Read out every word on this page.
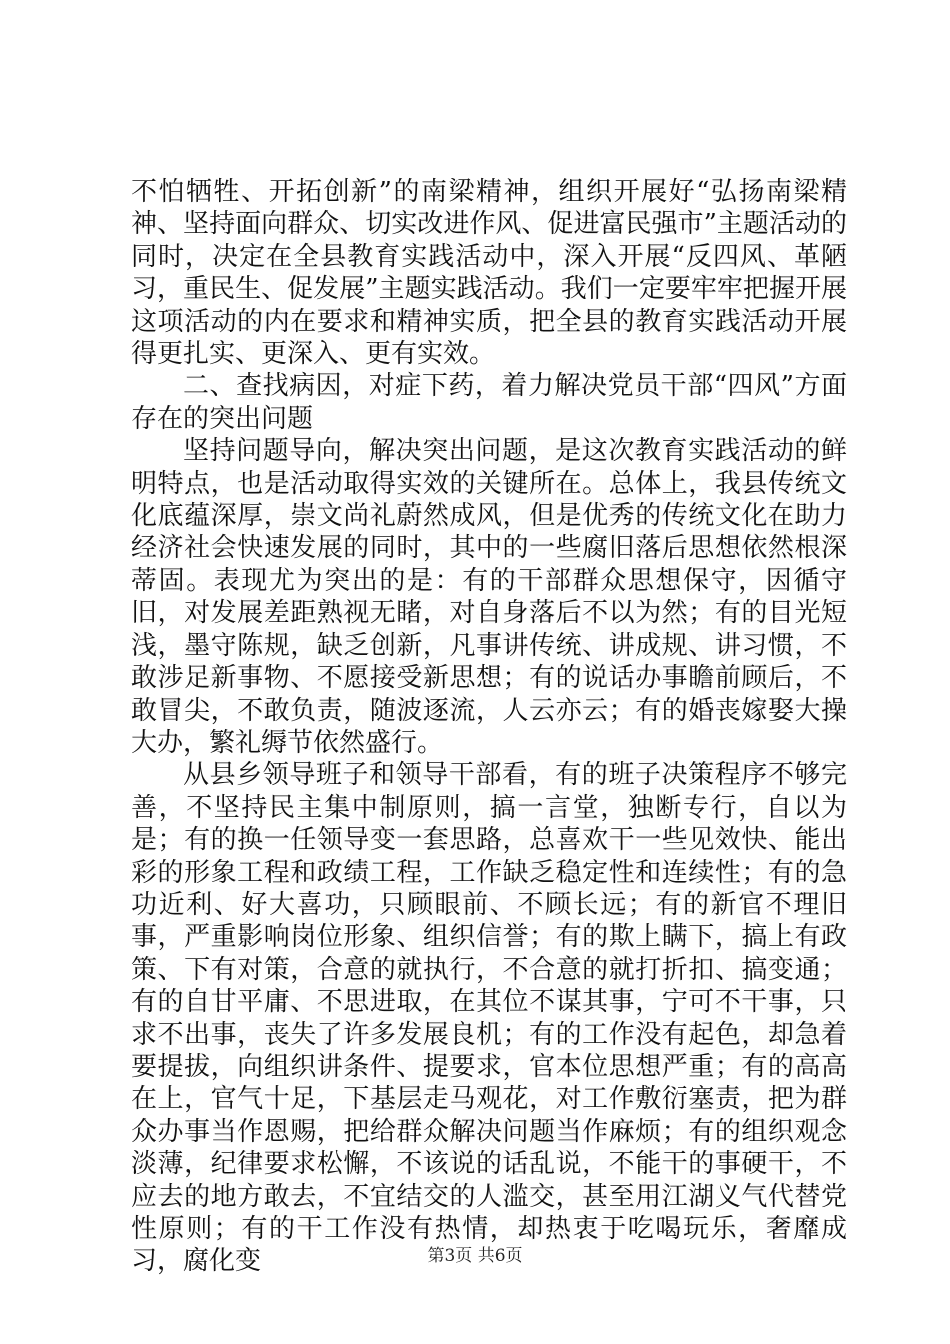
不怕牺牲、开拓创新”的南梁精神，组织开展好“弘扬南梁精神、坚持面向群众、切实改进作风、促进富民强市”主题活动的同时，决定在全县教育实践活动中，深入开展“反四风、革陋习，重民生、促发展”主题实践活动。我们一定要牢牢把握开展这项活动的内在要求和精神实质，把全县的教育实践活动开展得更扎实、更深入、更有实效。

二、查找病因，对症下药，着力解决党员干部“四风”方面存在的突出问题

坚持问题导向，解决突出问题，是这次教育实践活动的鲜明特点，也是活动取得实效的关键所在。总体上，我县传统文化底蕴深厚，崇文尚礼蔚然成风，但是优秀的传统文化在助力经济社会快速发展的同时，其中的一些腐旧落后思想依然根深蒂固。表现尤为突出的是：有的干部群众思想保守，因循守旧，对发展差距熟视无睹，对自身落后不以为然；有的目光短浅，墨守陈规，缺乏创新，凡事讲传统、讲成规、讲习惯，不敢涉足新事物、不愿接受新思想；有的说话办事瞻前顾后，不敢冒尖，不敢负责，随波逐流，人云亦云；有的婚丧嫁娶大操大办，繁礼缛节依然盛行。

从县乡领导班子和领导干部看，有的班子决策程序不够完善，不坚持民主集中制原则，搞一言堂，独断专行，自以为是；有的换一任领导变一套思路，总喜欢干一些见效快、能出彩的形象工程和政绩工程，工作缺乏稳定性和连续性；有的急功近利、好大喜功，只顾眼前、不顾长远；有的新官不理旧事，严重影响岗位形象、组织信誉；有的欺上瞒下，搞上有政策、下有对策，合意的就执行，不合意的就打折扣、搞变通；有的自甘平庸、不思进取，在其位不谋其事，宁可不干事，只求不出事，丧失了许多发展良机；有的工作没有起色，却急着要提拔，向组织讲条件、提要求，官本位思想严重；有的高高在上，官气十足，下基层走马观花，对工作敷衍塞责，把为群众办事当作恩赐，把给群众解决问题当作麻烦；有的组织观念淡薄，纪律要求松懈，不该说的话乱说，不能干的事硬干，不应去的地方敢去，不宜结交的人滥交，甚至用江湖义气代替党性原则；有的干工作没有热情，却热衷于吃喝玩乐，奢靡成习，腐化变	第3页 共6页
